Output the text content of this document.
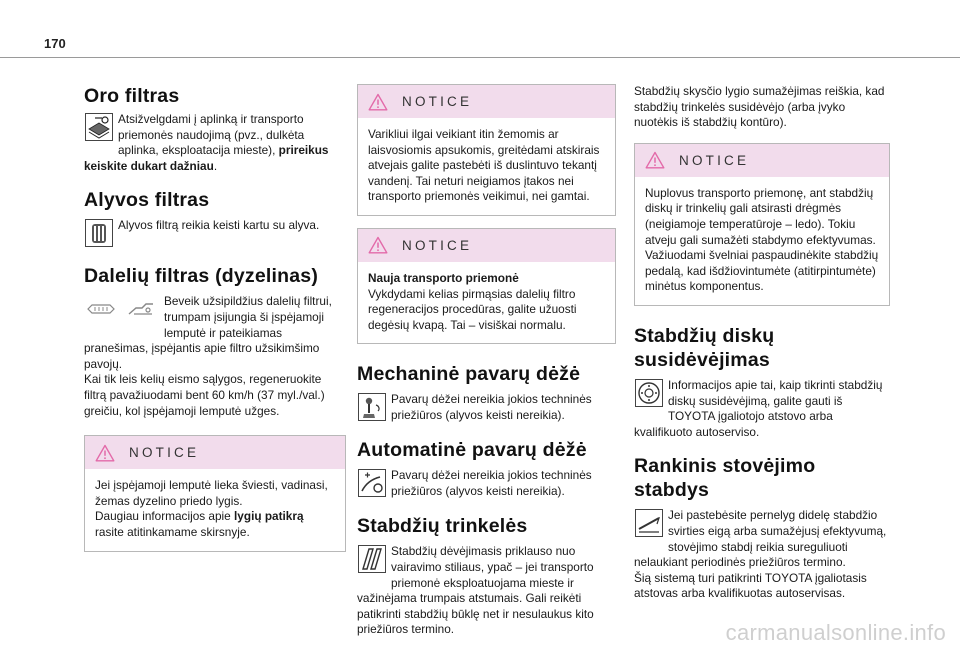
170
Oro filtras
Atsižvelgdami į aplinką ir transporto priemonės naudojimą (pvz., dulkėta aplinka, eksploatacija mieste), prireikus keiskite dukart dažniau.
Alyvos filtras
Alyvos filtrą reikia keisti kartu su alyva.
Dalelių filtras (dyzelinas)
Beveik užsipildžius dalelių filtrui, trumpam įsijungia ši įspėjamoji lemputė ir pateikiamas pranešimas, įspėjantis apie filtro užsikimšimo pavojų.
Kai tik leis kelių eismo sąlygos, regeneruokite filtrą pavažiuodami bent 60 km/h (37 myl./val.) greičiu, kol įspėjamoji lemputė užges.
NOTICE
Jei įspėjamoji lemputė lieka šviesti, vadinasi, žemas dyzelino priedo lygis.
Daugiau informacijos apie lygių patikrą rasite atitinkamame skirsnyje.
NOTICE
Varikliui ilgai veikiant itin žemomis ar laisvosiomis apsukomis, greitėdami atskirais atvejais galite pastebėti iš duslintuvo tekantį vandenį. Tai neturi neigiamos įtakos nei transporto priemonės veikimui, nei gamtai.
NOTICE
Nauja transporto priemonė
Vykdydami kelias pirmąsias dalelių filtro regeneracijos procedūras, galite užuosti degėsių kvapą. Tai – visiškai normalu.
Mechaninė pavarų dėžė
Pavarų dėžei nereikia jokios techninės priežiūros (alyvos keisti nereikia).
Automatinė pavarų dėžė
Pavarų dėžei nereikia jokios techninės priežiūros (alyvos keisti nereikia).
Stabdžių trinkelės
Stabdžių dėvėjimasis priklauso nuo vairavimo stiliaus, ypač – jei transporto priemonė eksploatuojama mieste ir važinėjama trumpais atstumais. Gali reikėti patikrinti stabdžių būklę net ir nesulaukus kito priežiūros termino.
Stabdžių skysčio lygio sumažėjimas reiškia, kad stabdžių trinkelės susidėvėjo (arba įvyko nuotėkis iš stabdžių kontūro).
NOTICE
Nuplovus transporto priemonę, ant stabdžių diskų ir trinkelių gali atsirasti drėgmės (neigiamoje temperatūroje – ledo). Tokiu atveju gali sumažėti stabdymo efektyvumas.
Važiuodami švelniai paspaudinėkite stabdžių pedalą, kad išdžiovintumėte (atitirpintumėte) minėtus komponentus.
Stabdžių diskų
susidėvėjimas
Informacijos apie tai, kaip tikrinti stabdžių diskų susidėvėjimą, galite gauti iš TOYOTA įgaliotojo atstovo arba kvalifikuoto autoserviso.
Rankinis stovėjimo stabdys
Jei pastebėsite pernelyg didelę stabdžio svirties eigą arba sumažėjusį efektyvumą, stovėjimo stabdį reikia sureguliuoti nelaukiant periodinės priežiūros termino.
Šią sistemą turi patikrinti TOYOTA įgaliotasis atstovas arba kvalifikuotas autoservisas.
carmanualsonline.info
